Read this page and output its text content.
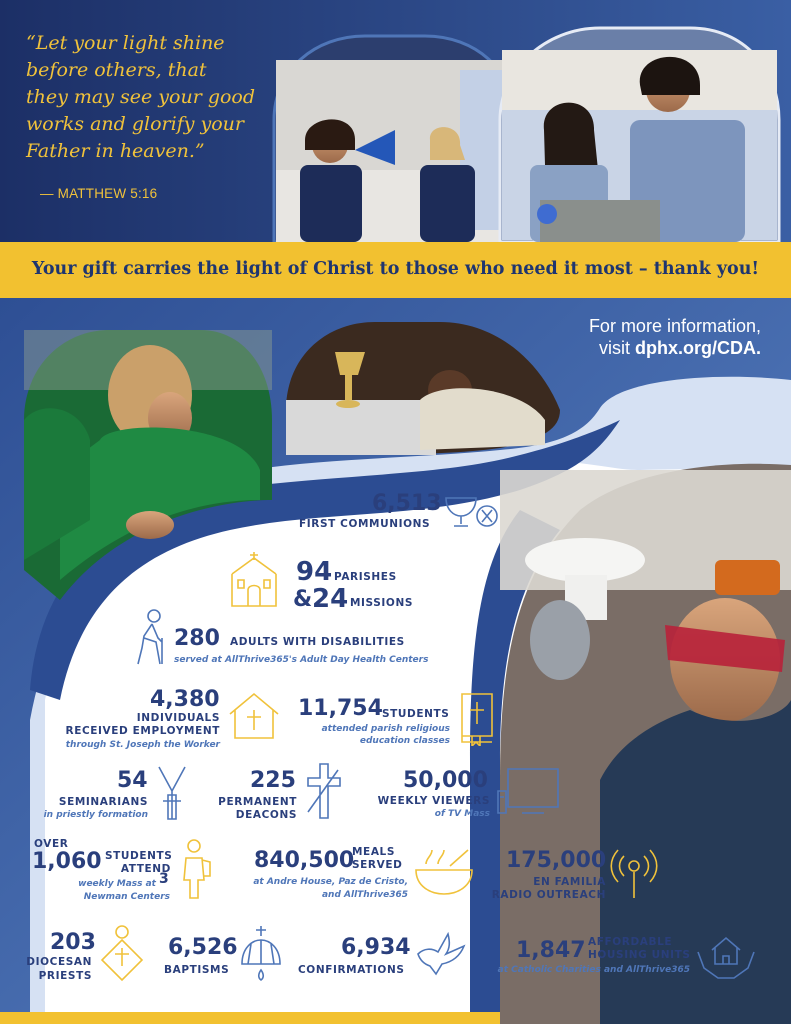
“Let your light shine
before others, that
they may see your good
works and glorify your
Father in heaven.”
— MATTHEW 5:16
Your gift carries the light of Christ to those who need it most – thank you!
For more information,
visit dphx.org/CDA.
6,513
FIRST COMMUNIONS
94 PARISHES
& 24 MISSIONS
280 ADULTS WITH DISABILITIES
served at AllThrive365's Adult Day Health Centers
4,380
INDIVIDUALS
RECEIVED EMPLOYMENT
through St. Joseph the Worker
11,754 STUDENTS
attended parish religious
education classes
54
SEMINARIANS
in priestly formation
225
PERMANENT
DEACONS
50,000
WEEKLY VIEWERS
of TV Mass
OVER
1,060 STUDENTS
ATTEND
weekly Mass at 3
Newman Centers
840,500
MEALS
SERVED
at Andre House, Paz de Cristo,
and AllThrive365
175,000
EN FAMILIA
RADIO OUTREACH
203
DIOCESAN
PRIESTS
6,526
BAPTISMS
6,934
CONFIRMATIONS
1,847 AFFORDABLE
HOUSING UNITS
at Catholic Charities and AllThrive365
